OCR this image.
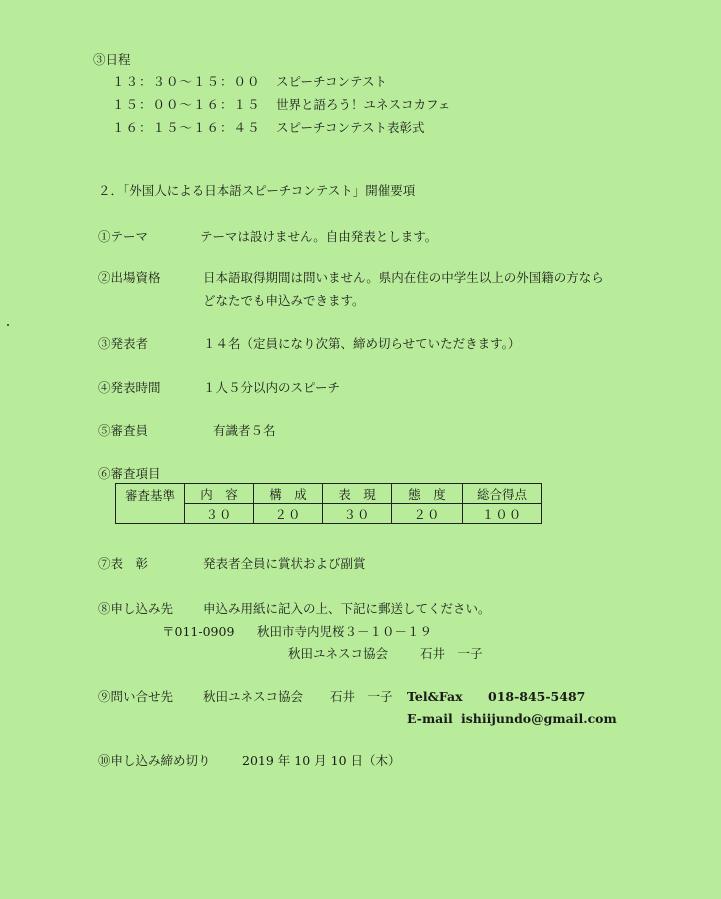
③日程
１３：３０～１５：００ スピーチコンテスト
１５：００～１６：１５ 世界と語ろう！ユネスコカフェ
１６：１５～１６：４５ スピーチコンテスト表彰式
２．「外国人による日本語スピーチコンテスト」開催要項
①テーマ	テーマは設けません。自由発表とします。
②出場資格	日本語取得期間は問いません。県内在住の中学生以上の外国籍の方なら
どなたでも申込みできます。
③発表者	１４名（定員になり次第、締め切らせていただきます。）
④発表時間	１人５分以内のスピーチ
⑤審査員	有識者５名
⑥審査項目
審査基準	内　容	構　成	表　現	態　度	総合得点
	３０	２０	３０	２０	１００
⑦表　彰	発表者全員に賞状および副賞
⑧申し込み先 申込み用紙に記入の上、下記に郵送してください。
〒011-0909 秋田市寺内児桜３－１０－１９
秋田ユネスコ協会	石井　一子
⑨問い合せ先 秋田ユネスコ協会 石井　一子 Tel&Fax 018-845-5487
E-mail ishiijundo@gmail.com
⑩申し込み締め切り	2019 年 10 月 10 日（木）
